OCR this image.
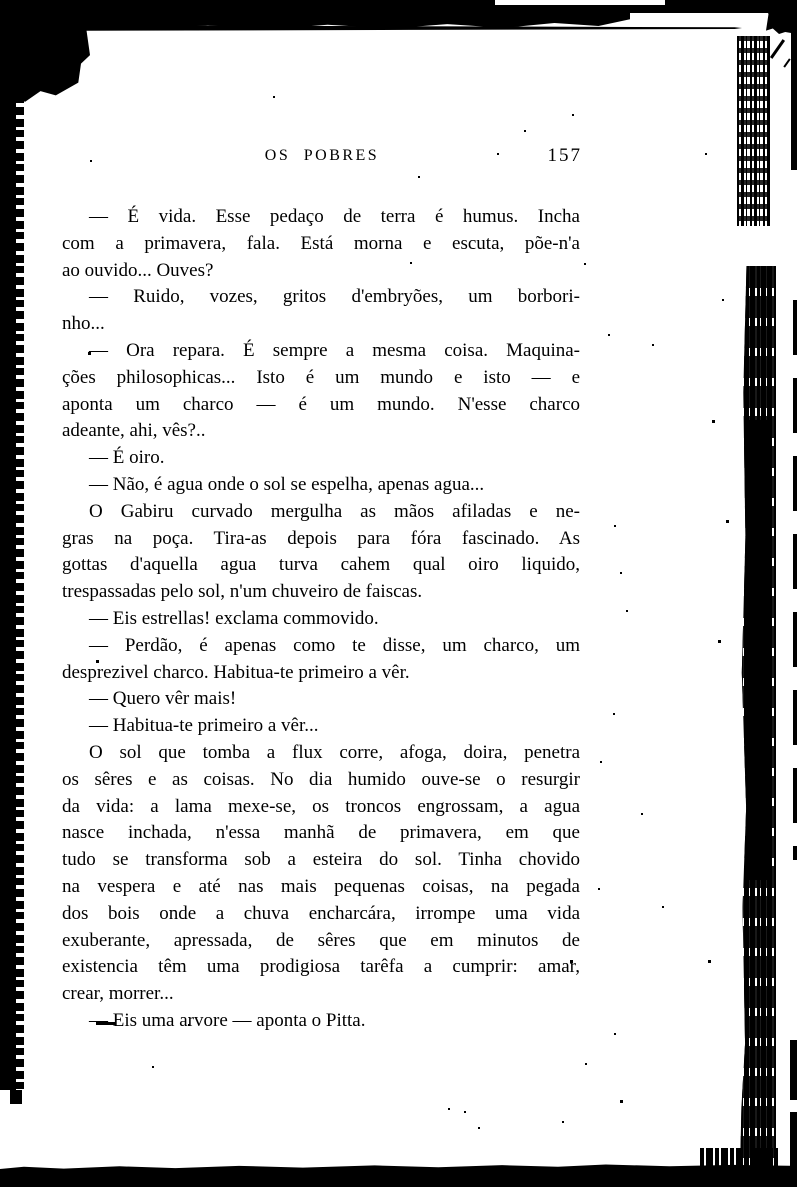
OS POBRES	157
— É vida. Esse pedaço de terra é humus. Incha
com a primavera, fala. Está morna e escuta, põe-n'a
ao ouvido... Ouves?
— Ruido, vozes, gritos d'embryões, um borbori-
nho...
— Ora repara. É sempre a mesma coisa. Maquina-
ções philosophicas... Isto é um mundo e isto — e
aponta um charco — é um mundo. N'esse charco
adeante, ahi, vês?..
— É oiro.
— Não, é agua onde o sol se espelha, apenas agua...
O Gabiru curvado mergulha as mãos afiladas e ne-
gras na poça. Tira-as depois para fóra fascinado. As
gottas d'aquella agua turva cahem qual oiro liquido,
trespassadas pelo sol, n'um chuveiro de faiscas.
— Eis estrellas! exclama commovido.
— Perdão, é apenas como te disse, um charco, um
desprezivel charco. Habitua-te primeiro a vêr.
— Quero vêr mais!
— Habitua-te primeiro a vêr...
O sol que tomba a flux corre, afoga, doira, penetra
os sêres e as coisas. No dia humido ouve-se o resurgir
da vida: a lama mexe-se, os troncos engrossam, a agua
nasce inchada, n'essa manhã de primavera, em que
tudo se transforma sob a esteira do sol. Tinha chovido
na vespera e até nas mais pequenas coisas, na pegada
dos bois onde a chuva encharcára, irrompe uma vida
exuberante, apressada, de sêres que em minutos de
existencia têm uma prodigiosa tarêfa a cumprir: amar,
crear, morrer...
— Eis uma arvore — aponta o Pitta.
